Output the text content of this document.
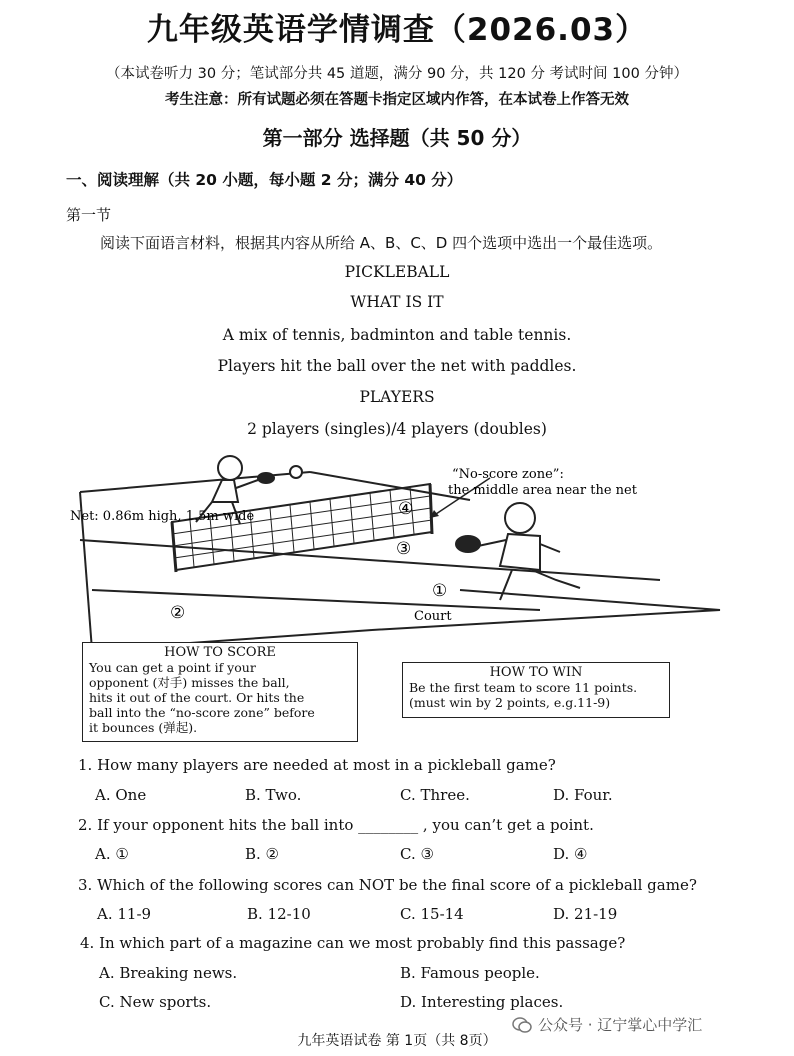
九年级英语学情调查（2026.03）
（本试卷听力 30 分；笔试部分共 45 道题，满分 90 分，共 120 分 考试时间 100 分钟）
考生注意：所有试题必须在答题卡指定区域内作答，在本试卷上作答无效
第一部分 选择题（共 50 分）
一、阅读理解（共 20 小题，每小题 2 分；满分 40 分）
第一节
阅读下面语言材料，根据其内容从所给 A、B、C、D 四个选项中选出一个最佳选项。
PICKLEBALL
WHAT IS IT
A mix of tennis, badminton and table tennis.
Players hit the ball over the net with paddles.
PLAYERS
2 players (singles)/4 players (doubles)
“No-score zone”:
the middle area near the net
Net: 0.86m high, 1.5m wide
Court
①
②
③
④
HOW TO SCORE
You can get a point if your
opponent (对手) misses the ball,
hits it out of the court. Or hits the
ball into the “no-score zone” before
it bounces (弹起).
HOW TO WIN
Be the first team to score 11 points.
(must win by 2 points, e.g.11-9)
1. How many players are needed at most in a pickleball game?
A. One	B. Two.	C. Three.	D. Four.
2. If your opponent hits the ball into ________ , you can’t get a point.
A. ①	B. ②	C. ③	D. ④
3. Which of the following scores can NOT be the final score of a pickleball game?
A. 11-9	B. 12-10	C. 15-14	D. 21-19
4. In which part of a magazine can we most probably find this passage?
A. Breaking news.	B. Famous people.
C. New sports.	D. Interesting places.
公众号 · 辽宁掌心中学汇
九年英语试卷 第 1页（共 8页）
